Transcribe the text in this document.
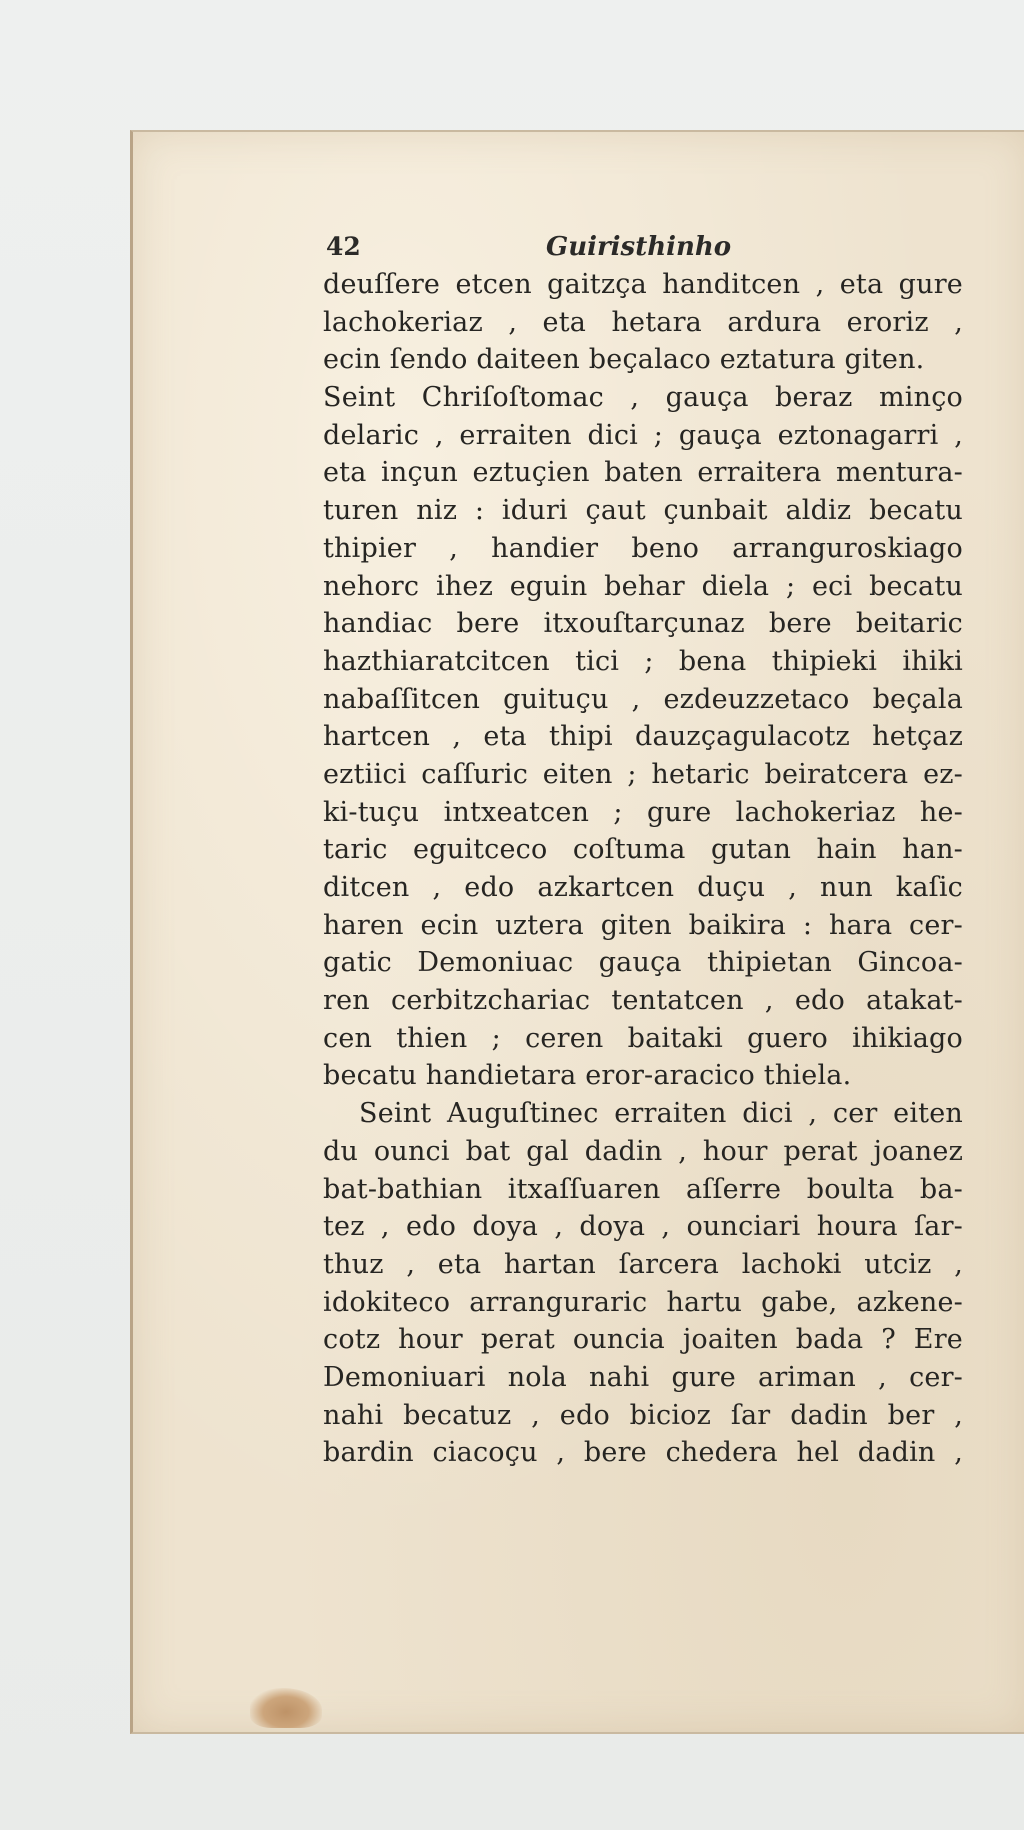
42	Guiristhinho
deuſſere etcen gaitzça handitcen , eta gure
lachokeriaz , eta hetara ardura eroriz ,
ecin ſendo daiteen beçalaco eztatura giten.
Seint Chriſoſtomac , gauça beraz minço
delaric , erraiten dici ; gauça eztonagarri ,
eta inçun eztuçien baten erraitera mentura-
turen niz : iduri çaut çunbait aldiz becatu
thipier , handier beno arranguroskiago
nehorc ihez eguin behar diela ; eci becatu
handiac bere itxouſtarçunaz bere beitaric
hazthiaratcitcen tici ; bena thipieki ihiki
nabaſſitcen guituçu , ezdeuzzetaco beçala
hartcen , eta thipi dauzçagulacotz hetçaz
eztiici caſſuric eiten ; hetaric beiratcera ez-
ki-tuçu intxeatcen ; gure lachokeriaz he-
taric eguitceco coſtuma gutan hain han-
ditcen , edo azkartcen duçu , nun kaſic
haren ecin uztera giten baikira : hara cer-
gatic Demoniuac gauça thipietan Gincoa-
ren cerbitzchariac tentatcen , edo atakat-
cen thien ; ceren baitaki guero ihikiago
becatu handietara eror-aracico thiela.
Seint Auguſtinec erraiten dici , cer eiten
du ounci bat gal dadin , hour perat joanez
bat-bathian itxaſſuaren aſſerre boulta ba-
tez , edo doya , doya , ounciari houra ſar-
thuz , eta hartan ſarcera lachoki utciz ,
idokiteco arranguraric hartu gabe, azkene-
cotz hour perat ouncia joaiten bada ? Ere
Demoniuari nola nahi gure ariman , cer-
nahi becatuz , edo bicioz ſar dadin ber ,
bardin ciacoçu , bere chedera hel dadin ,
